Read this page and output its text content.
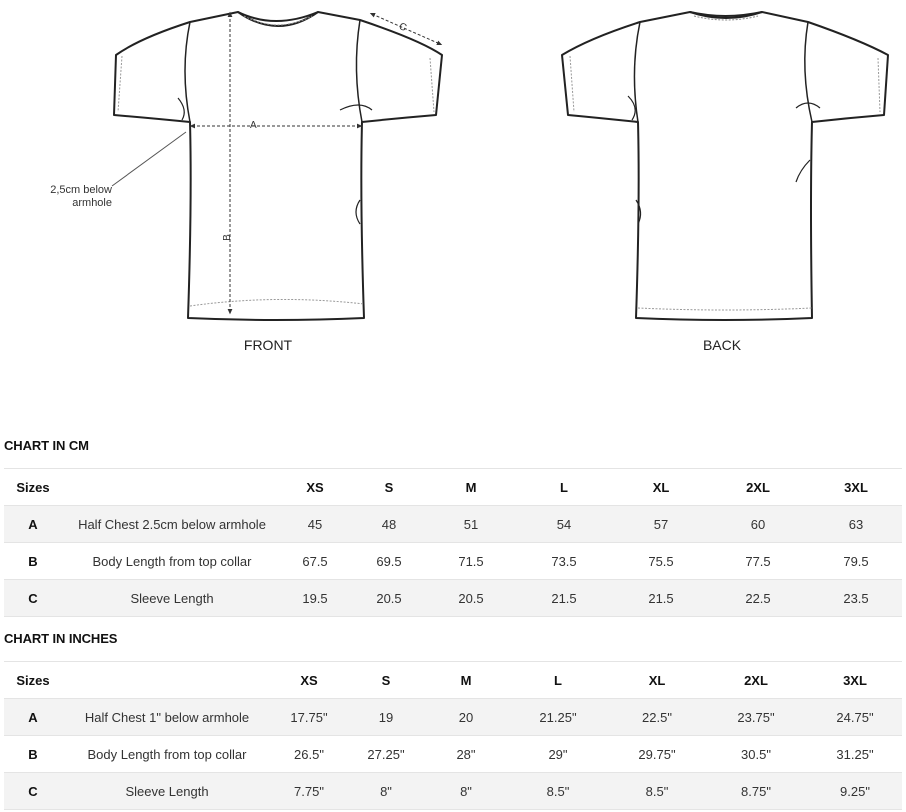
A
B
C
2,5cm below
armhole
FRONT	BACK
CHART IN CM
Sizes		XS	S	M	L	XL	2XL	3XL
A	Half Chest 2.5cm below armhole	45	48	51	54	57	60	63
B	Body Length from top collar	67.5	69.5	71.5	73.5	75.5	77.5	79.5
C	Sleeve Length	19.5	20.5	20.5	21.5	21.5	22.5	23.5
CHART IN INCHES
Sizes		XS	S	M	L	XL	2XL	3XL
A	Half Chest 1" below armhole	17.75"	19	20	21.25"	22.5"	23.75"	24.75"
B	Body Length from top collar	26.5"	27.25"	28"	29"	29.75"	30.5"	31.25"
C	Sleeve Length	7.75"	8"	8"	8.5"	8.5"	8.75"	9.25"
